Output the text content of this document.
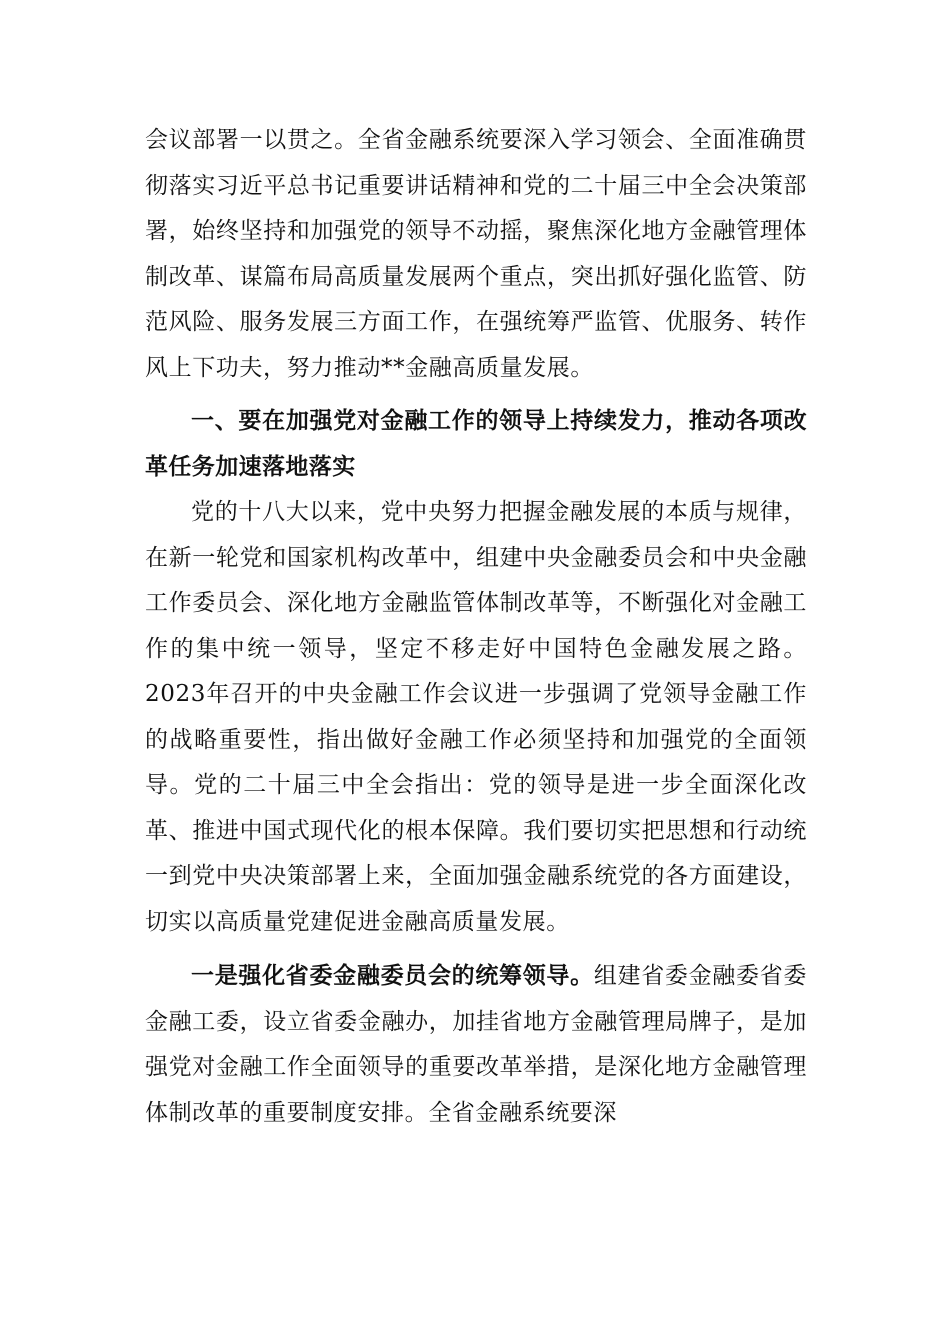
会议部署一以贯之。全省金融系统要深入学习领会、全面准确贯彻落实习近平总书记重要讲话精神和党的二十届三中全会决策部署，始终坚持和加强党的领导不动摇，聚焦深化地方金融管理体制改革、谋篇布局高质量发展两个重点，突出抓好强化监管、防范风险、服务发展三方面工作，在强统筹严监管、优服务、转作风上下功夫，努力推动**金融高质量发展。

一、要在加强党对金融工作的领导上持续发力，推动各项改革任务加速落地落实

党的十八大以来，党中央努力把握金融发展的本质与规律，在新一轮党和国家机构改革中，组建中央金融委员会和中央金融工作委员会、深化地方金融监管体制改革等，不断强化对金融工作的集中统一领导，坚定不移走好中国特色金融发展之路。2023年召开的中央金融工作会议进一步强调了党领导金融工作的战略重要性，指出做好金融工作必须坚持和加强党的全面领导。党的二十届三中全会指出：党的领导是进一步全面深化改革、推进中国式现代化的根本保障。我们要切实把思想和行动统一到党中央决策部署上来，全面加强金融系统党的各方面建设，切实以高质量党建促进金融高质量发展。

一是强化省委金融委员会的统筹领导。组建省委金融委省委金融工委，设立省委金融办，加挂省地方金融管理局牌子，是加强党对金融工作全面领导的重要改革举措，是深化地方金融管理体制改革的重要制度安排。全省金融系统要深
